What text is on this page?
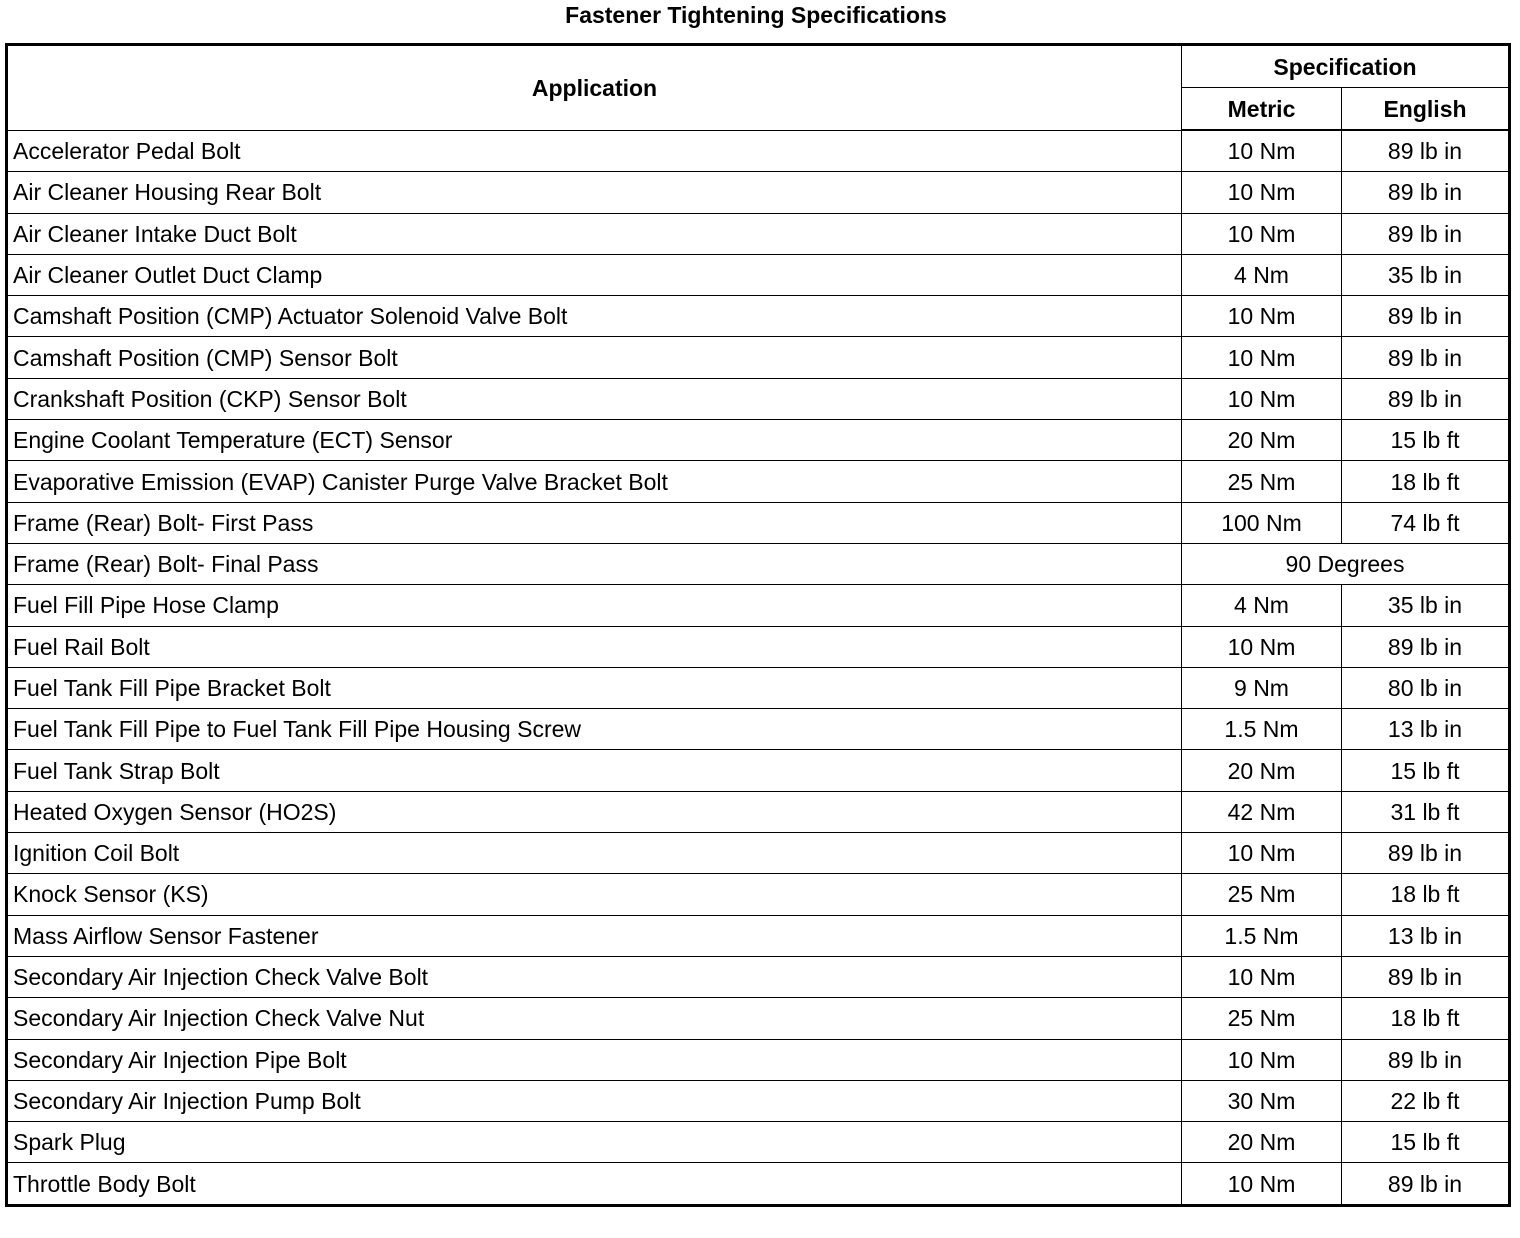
Fastener Tightening Specifications
Application	Specification	
	Metric	English
Accelerator Pedal Bolt	10 Nm	89 lb in
Air Cleaner Housing Rear Bolt	10 Nm	89 lb in
Air Cleaner Intake Duct Bolt	10 Nm	89 lb in
Air Cleaner Outlet Duct Clamp	4 Nm	35 lb in
Camshaft Position (CMP) Actuator Solenoid Valve Bolt	10 Nm	89 lb in
Camshaft Position (CMP) Sensor Bolt	10 Nm	89 lb in
Crankshaft Position (CKP) Sensor Bolt	10 Nm	89 lb in
Engine Coolant Temperature (ECT) Sensor	20 Nm	15 lb ft
Evaporative Emission (EVAP) Canister Purge Valve Bracket Bolt	25 Nm	18 lb ft
Frame (Rear) Bolt- First Pass	100 Nm	74 lb ft
Frame (Rear) Bolt- Final Pass	90 Degrees	
Fuel Fill Pipe Hose Clamp	4 Nm	35 lb in
Fuel Rail Bolt	10 Nm	89 lb in
Fuel Tank Fill Pipe Bracket Bolt	9 Nm	80 lb in
Fuel Tank Fill Pipe to Fuel Tank Fill Pipe Housing Screw	1.5 Nm	13 lb in
Fuel Tank Strap Bolt	20 Nm	15 lb ft
Heated Oxygen Sensor (HO2S)	42 Nm	31 lb ft
Ignition Coil Bolt	10 Nm	89 lb in
Knock Sensor (KS)	25 Nm	18 lb ft
Mass Airflow Sensor Fastener	1.5 Nm	13 lb in
Secondary Air Injection Check Valve Bolt	10 Nm	89 lb in
Secondary Air Injection Check Valve Nut	25 Nm	18 lb ft
Secondary Air Injection Pipe Bolt	10 Nm	89 lb in
Secondary Air Injection Pump Bolt	30 Nm	22 lb ft
Spark Plug	20 Nm	15 lb ft
Throttle Body Bolt	10 Nm	89 lb in
